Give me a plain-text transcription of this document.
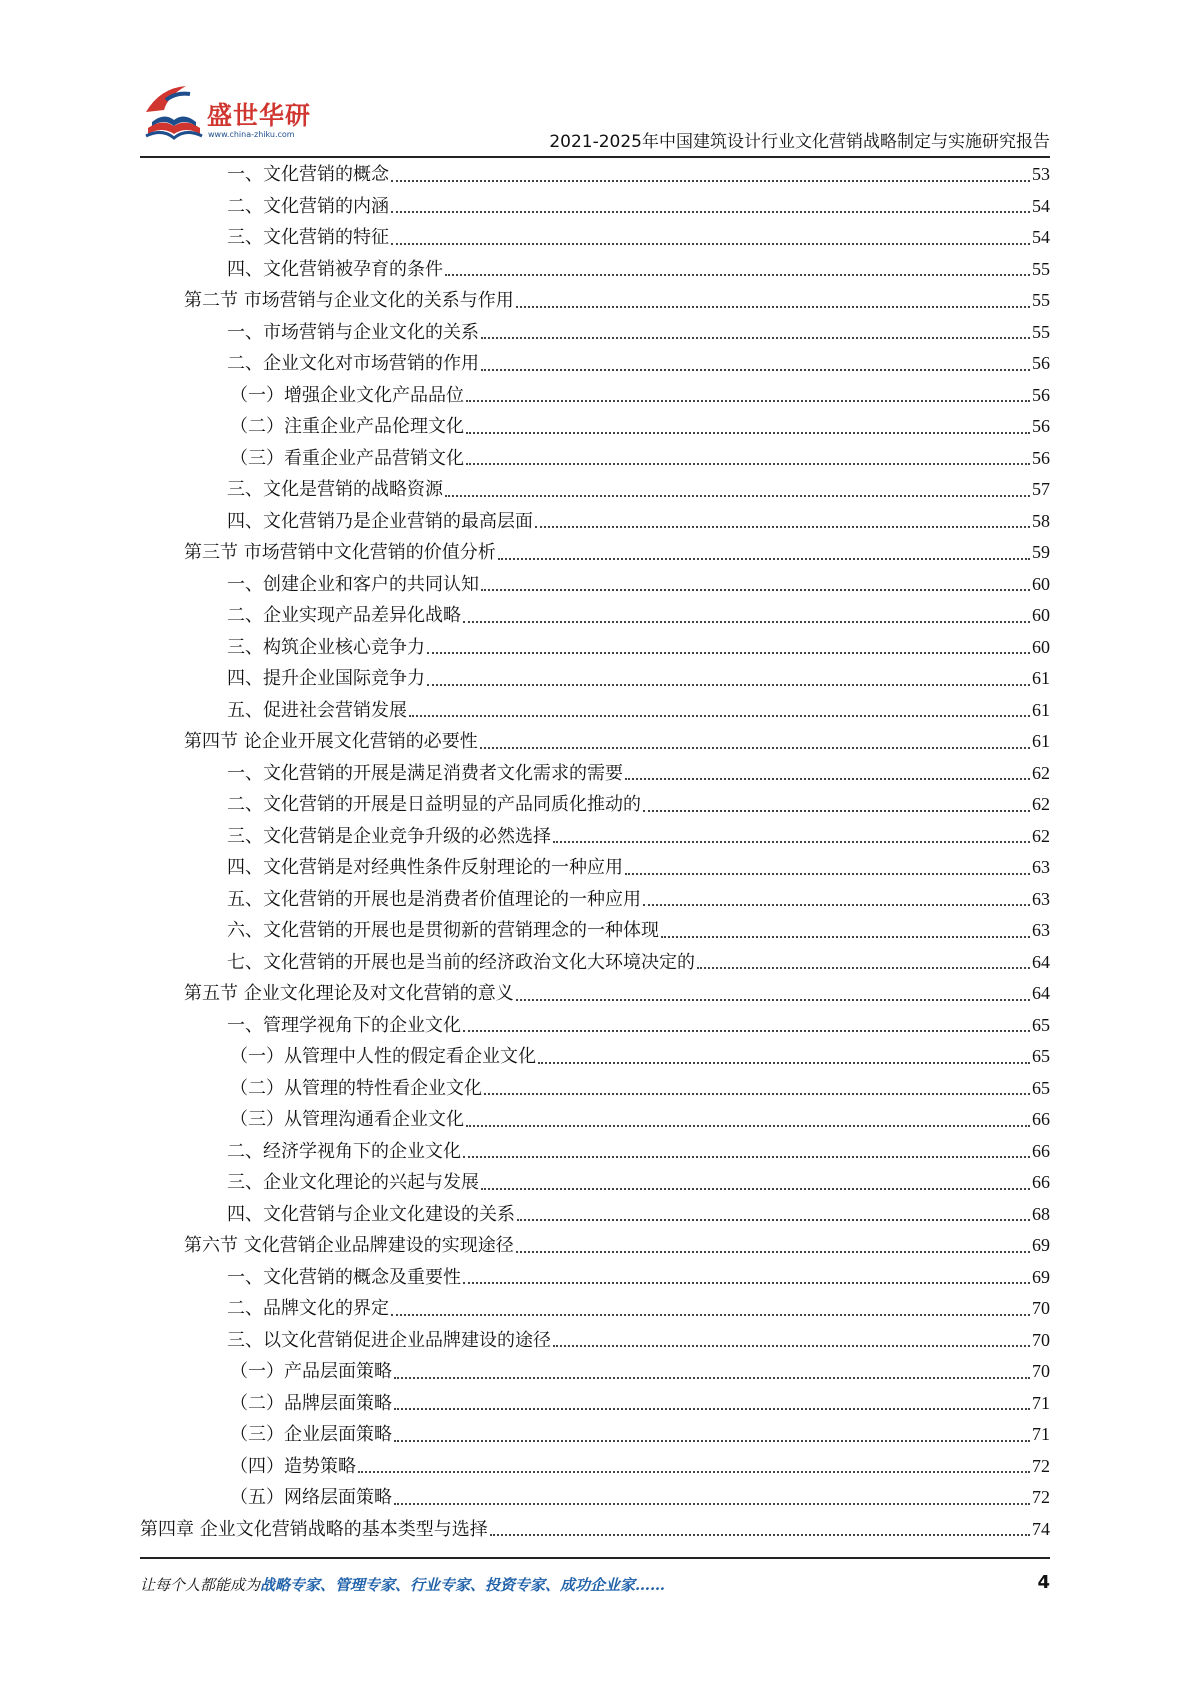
盛世华研
www.china-zhiku.com	2021-2025年中国建筑设计行业文化营销战略制定与实施研究报告
一、文化营销的概念	53
二、文化营销的内涵	54
三、文化营销的特征	54
四、文化营销被孕育的条件	55
第二节 市场营销与企业文化的关系与作用	55
一、市场营销与企业文化的关系	55
二、企业文化对市场营销的作用	56
（一）增强企业文化产品品位	56
（二）注重企业产品伦理文化	56
（三）看重企业产品营销文化	56
三、文化是营销的战略资源	57
四、文化营销乃是企业营销的最高层面	58
第三节 市场营销中文化营销的价值分析	59
一、创建企业和客户的共同认知	60
二、企业实现产品差异化战略	60
三、构筑企业核心竞争力	60
四、提升企业国际竞争力	61
五、促进社会营销发展	61
第四节 论企业开展文化营销的必要性	61
一、文化营销的开展是满足消费者文化需求的需要	62
二、文化营销的开展是日益明显的产品同质化推动的	62
三、文化营销是企业竞争升级的必然选择	62
四、文化营销是对经典性条件反射理论的一种应用	63
五、文化营销的开展也是消费者价值理论的一种应用	63
六、文化营销的开展也是贯彻新的营销理念的一种体现	63
七、文化营销的开展也是当前的经济政治文化大环境决定的	64
第五节 企业文化理论及对文化营销的意义	64
一、管理学视角下的企业文化	65
（一）从管理中人性的假定看企业文化	65
（二）从管理的特性看企业文化	65
（三）从管理沟通看企业文化	66
二、经济学视角下的企业文化	66
三、企业文化理论的兴起与发展	66
四、文化营销与企业文化建设的关系	68
第六节 文化营销企业品牌建设的实现途径	69
一、文化营销的概念及重要性	69
二、品牌文化的界定	70
三、以文化营销促进企业品牌建设的途径	70
（一）产品层面策略	70
（二）品牌层面策略	71
（三）企业层面策略	71
（四）造势策略	72
（五）网络层面策略	72
第四章 企业文化营销战略的基本类型与选择	74
让每个人都能成为战略专家、管理专家、行业专家、投资专家、成功企业家……	4
